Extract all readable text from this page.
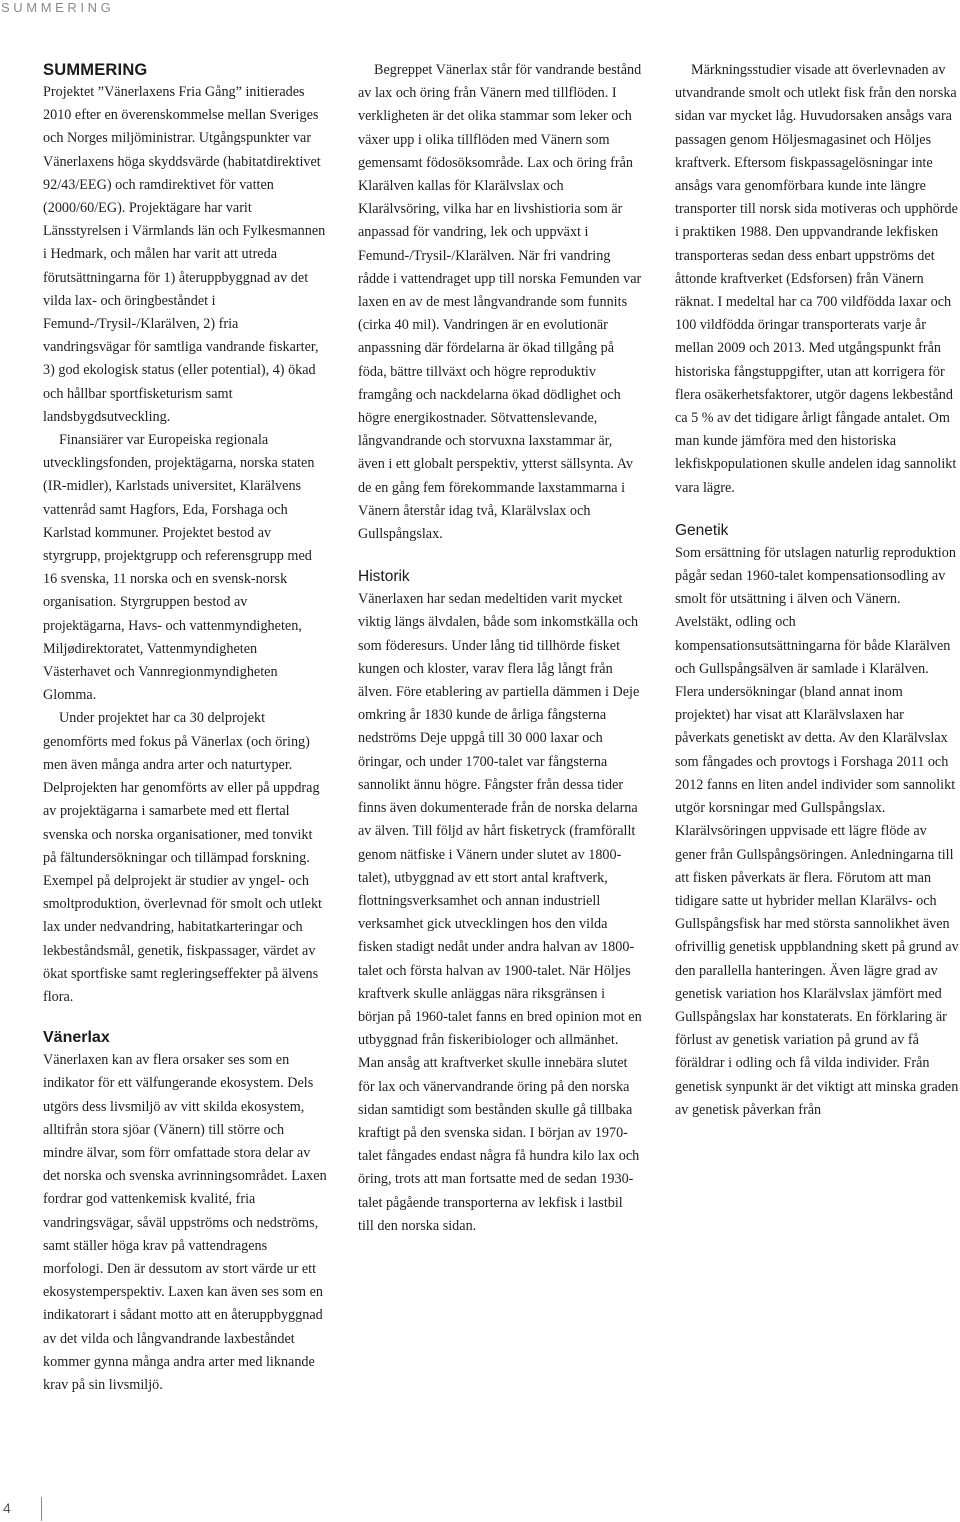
SUMMERING
SUMMERING

Projektet ”Vänerlaxens Fria Gång” initierades 2010 efter en överenskommelse mellan Sveriges och Norges miljöministrar. Utgångspunkter var Vänerlaxens höga skyddsvärde (habitatdirektivet 92/43/EEG) och ramdirektivet för vatten (2000/60/EG). Projektägare har varit Länsstyrelsen i Värmlands län och Fylkesmannen i Hedmark, och målen har varit att utreda förutsättningarna för 1) återuppbyggnad av det vilda lax- och öringbeståndet i Femund-/Trysil-/Klarälven, 2) fria vandringsvägar för samtliga vandrande fiskarter, 3) god ekologisk status (eller potential), 4) ökad och hållbar sportfisketurism samt landsbygdsutveckling.

Finansiärer var Europeiska regionala utvecklingsfonden, projektägarna, norska staten (IR-midler), Karlstads universitet, Klarälvens vattenråd samt Hagfors, Eda, Forshaga och Karlstad kommuner. Projektet bestod av styrgrupp, projektgrupp och referensgrupp med 16 svenska, 11 norska och en svensk-norsk organisation. Styrgruppen bestod av projektägarna, Havs- och vattenmyndigheten, Miljødirektoratet, Vattenmyndigheten Västerhavet och Vannregionmyndigheten Glomma.

Under projektet har ca 30 delprojekt genomförts med fokus på Vänerlax (och öring) men även många andra arter och naturtyper. Delprojekten har genomförts av eller på uppdrag av projektägarna i samarbete med ett flertal svenska och norska organisationer, med tonvikt på fältundersökningar och tillämpad forskning. Exempel på delprojekt är studier av yngel- och smoltproduktion, överlevnad för smolt och utlekt lax under nedvandring, habitatkarteringar och lekbeståndsmål, genetik, fiskpassager, värdet av ökat sportfiske samt regleringseffekter på älvens flora.

Vänerlax

Vänerlaxen kan av flera orsaker ses som en indikator för ett välfungerande ekosystem. Dels utgörs dess livsmiljö av vitt skilda ekosystem, alltifrån stora sjöar (Vänern) till större och mindre älvar, som förr omfattade stora delar av det norska och svenska avrinningsområdet. Laxen fordrar god vattenkemisk kvalité, fria vandringsvägar, såväl uppströms och nedströms, samt ställer höga krav på vattendragens morfologi. Den är dessutom av stort värde ur ett ekosystemperspektiv. Laxen kan även ses som en indikatorart i sådant motto att en återuppbyggnad av det vilda och långvandrande laxbeståndet kommer gynna många andra arter med liknande krav på sin livsmiljö.

Begreppet Vänerlax står för vandrande bestånd av lax och öring från Vänern med tillflöden. I verkligheten är det olika stammar som leker och växer upp i olika tillflöden med Vänern som gemensamt födosöksområde. Lax och öring från Klarälven kallas för Klarälvslax och Klarälvsöring, vilka har en livshistioria som är anpassad för vandring, lek och uppväxt i Femund-/Trysil-/Klarälven. När fri vandring rådde i vattendraget upp till norska Femunden var laxen en av de mest långvandrande som funnits (cirka 40 mil). Vandringen är en evolutionär anpassning där fördelarna är ökad tillgång på föda, bättre tillväxt och högre reproduktiv framgång och nackdelarna ökad dödlighet och högre energikostnader. Sötvattenslevande, långvandrande och storvuxna laxstammar är, även i ett globalt perspektiv, ytterst sällsynta. Av de en gång fem förekommande laxstammarna i Vänern återstår idag två, Klarälvslax och Gullspångslax.

Historik

Vänerlaxen har sedan medeltiden varit mycket viktig längs älvdalen, både som inkomstkälla och som föderesurs. Under lång tid tillhörde fisket kungen och kloster, varav flera låg långt från älven. Före etablering av partiella dämmen i Deje omkring år 1830 kunde de årliga fångsterna nedströms Deje uppgå till 30 000 laxar och öringar, och under 1700-talet var fångsterna sannolikt ännu högre. Fångster från dessa tider finns även dokumenterade från de norska delarna av älven. Till följd av hårt fisketryck (framförallt genom nätfiske i Vänern under slutet av 1800-talet), utbyggnad av ett stort antal kraftverk, flottningsverksamhet och annan industriell verksamhet gick utvecklingen hos den vilda fisken stadigt nedåt under andra halvan av 1800-talet och första halvan av 1900-talet. När Höljes kraftverk skulle anläggas nära riksgränsen i början på 1960-talet fanns en bred opinion mot en utbyggnad från fiskeribiologer och allmänhet. Man ansåg att kraftverket skulle innebära slutet för lax och vänervandrande öring på den norska sidan samtidigt som bestånden skulle gå tillbaka kraftigt på den svenska sidan. I början av 1970-talet fångades endast några få hundra kilo lax och öring, trots att man fortsatte med de sedan 1930-talet pågående transporterna av lekfisk i lastbil till den norska sidan.

Märkningsstudier visade att överlevnaden av utvandrande smolt och utlekt fisk från den norska sidan var mycket låg. Huvudorsaken ansågs vara passagen genom Höljesmagasinet och Höljes kraftverk. Eftersom fiskpassagelösningar inte ansågs vara genomförbara kunde inte längre transporter till norsk sida motiveras och upphörde i praktiken 1988. Den uppvandrande lekfisken transporteras sedan dess enbart uppströms det åttonde kraftverket (Edsforsen) från Vänern räknat. I medeltal har ca 700 vildfödda laxar och 100 vildfödda öringar transporterats varje år mellan 2009 och 2013. Med utgångspunkt från historiska fångstuppgifter, utan att korrigera för flera osäkerhetsfaktorer, utgör dagens lekbestånd ca 5 % av det tidigare årligt fångade antalet. Om man kunde jämföra med den historiska lekfiskpopulationen skulle andelen idag sannolikt vara lägre.

Genetik

Som ersättning för utslagen naturlig reproduktion pågår sedan 1960-talet kompensationsodling av smolt för utsättning i älven och Vänern. Avelstäkt, odling och kompensationsutsättningarna för både Klarälven och Gullspångsälven är samlade i Klarälven. Flera undersökningar (bland annat inom projektet) har visat att Klarälvslaxen har påverkats genetiskt av detta. Av den Klarälvslax som fångades och provtogs i Forshaga 2011 och 2012 fanns en liten andel individer som sannolikt utgör korsningar med Gullspångslax. Klarälvsöringen uppvisade ett lägre flöde av gener från Gullspångsöringen. Anledningarna till att fisken påverkats är flera. Förutom att man tidigare satte ut hybrider mellan Klarälvs- och Gullspångsfisk har med största sannolikhet även ofrivillig genetisk uppblandning skett på grund av den parallella hanteringen. Även lägre grad av genetisk variation hos Klarälvslax jämfört med Gullspångslax har konstaterats. En förklaring är förlust av genetisk variation på grund av få föräldrar i odling och få vilda individer. Från genetisk synpunkt är det viktigt att minska graden av genetisk påverkan från

4
